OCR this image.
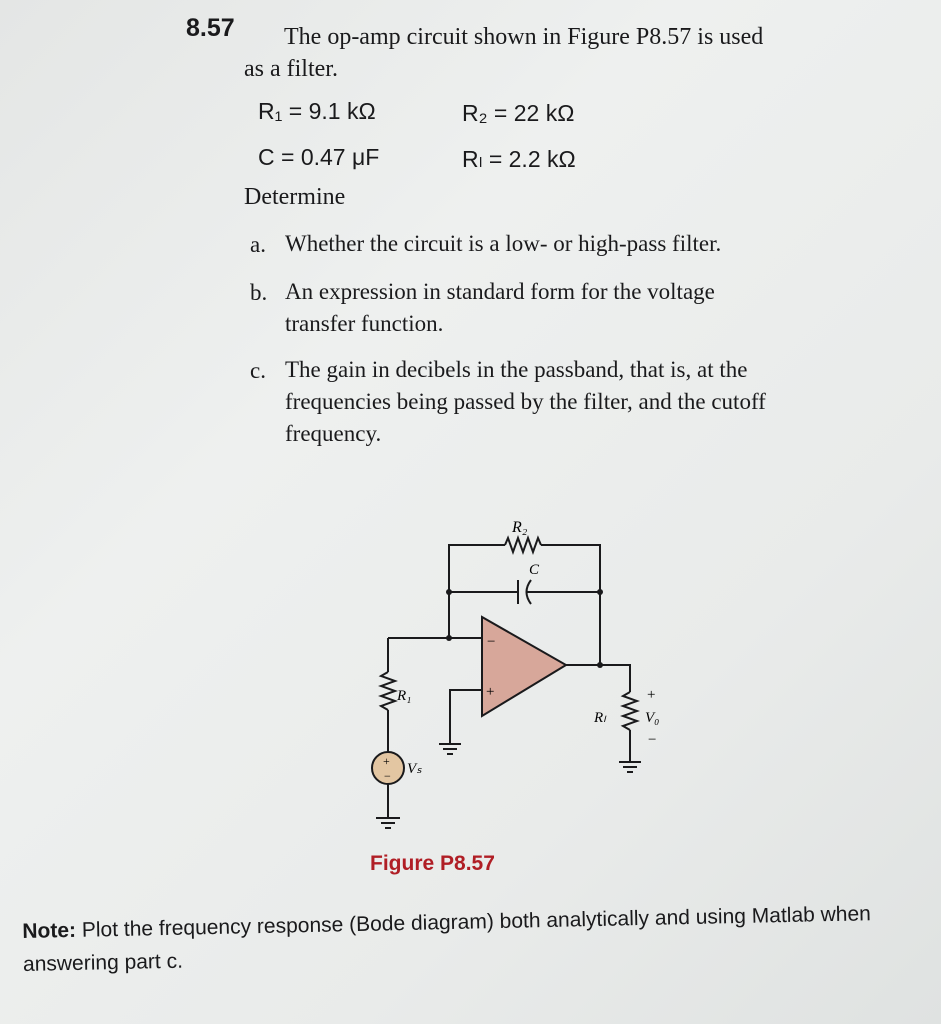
8.57 The op-amp circuit shown in Figure P8.57 is used
as a filter.
R₁ = 9.1 kΩ	R₂ = 22 kΩ
C = 0.47 μF	Rₗ = 2.2 kΩ
Determine
a. Whether the circuit is a low- or high-pass filter.
b. An expression in standard form for the voltage transfer function.
c. The gain in decibels in the passband, that is, at the frequencies being passed by the filter, and the cutoff frequency.
R₂
C
R₁
Rₗ	V₀
Vₛ
−
+	+
−
+
−
Figure P8.57
Note: Plot the frequency response (Bode diagram) both analytically and using Matlab when answering part c.
